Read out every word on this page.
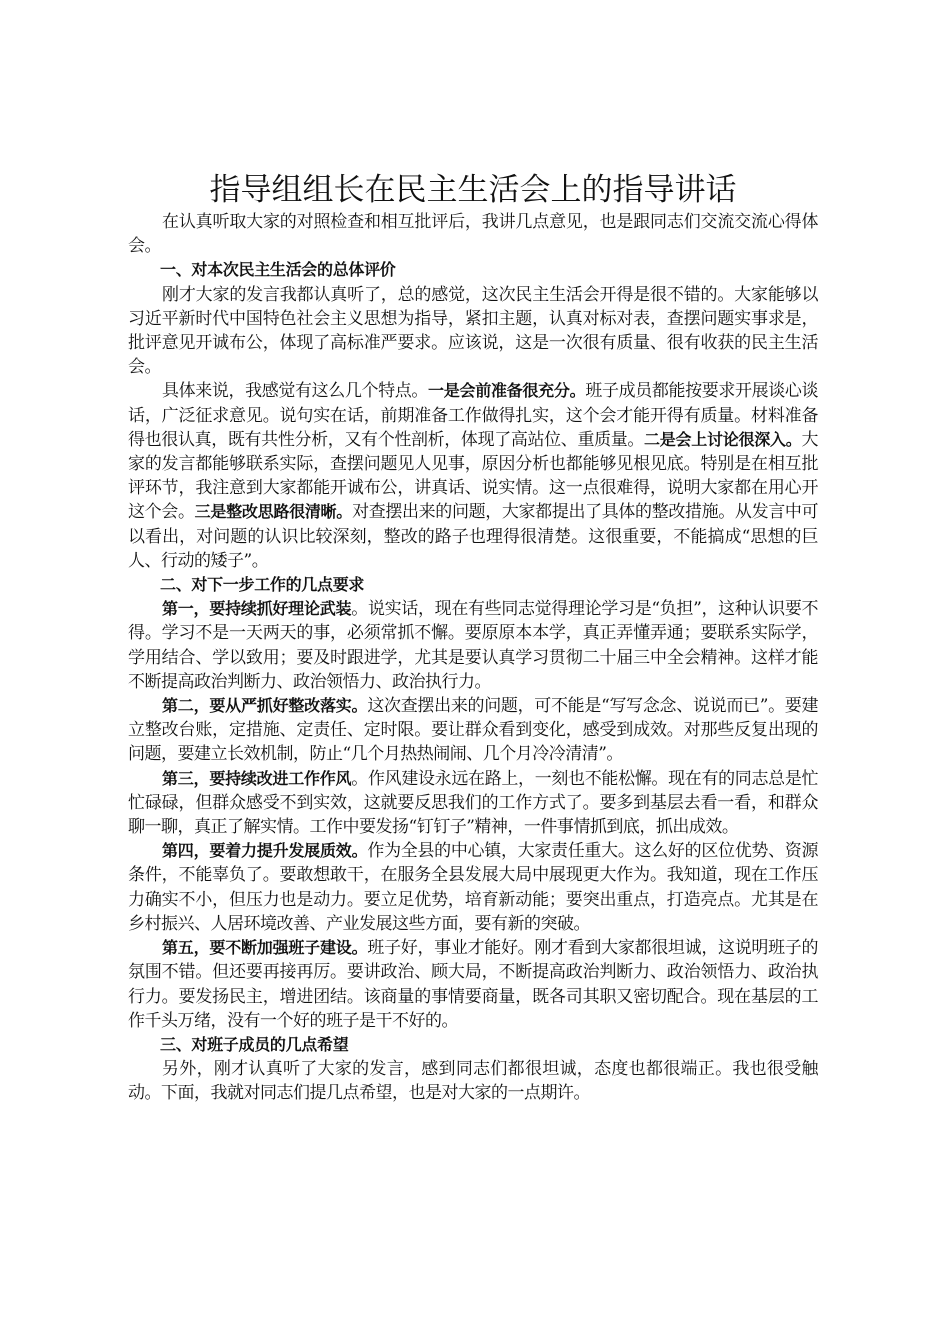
指导组组长在民主生活会上的指导讲话

在认真听取大家的对照检查和相互批评后，我讲几点意见，也是跟同志们交流交流心得体会。

一、对本次民主生活会的总体评价

刚才大家的发言我都认真听了，总的感觉，这次民主生活会开得是很不错的。大家能够以习近平新时代中国特色社会主义思想为指导，紧扣主题，认真对标对表，查摆问题实事求是，批评意见开诚布公，体现了高标准严要求。应该说，这是一次很有质量、很有收获的民主生活会。

具体来说，我感觉有这么几个特点。一是会前准备很充分。班子成员都能按要求开展谈心谈话，广泛征求意见。说句实在话，前期准备工作做得扎实，这个会才能开得有质量。材料准备得也很认真，既有共性分析，又有个性剖析，体现了高站位、重质量。二是会上讨论很深入。大家的发言都能够联系实际，查摆问题见人见事，原因分析也都能够见根见底。特别是在相互批评环节，我注意到大家都能开诚布公，讲真话、说实情。这一点很难得，说明大家都在用心开这个会。三是整改思路很清晰。对查摆出来的问题，大家都提出了具体的整改措施。从发言中可以看出，对问题的认识比较深刻，整改的路子也理得很清楚。这很重要，不能搞成“思想的巨人、行动的矮子”。

二、对下一步工作的几点要求

第一，要持续抓好理论武装。说实话，现在有些同志觉得理论学习是“负担”，这种认识要不得。学习不是一天两天的事，必须常抓不懈。要原原本本学，真正弄懂弄通；要联系实际学，学用结合、学以致用；要及时跟进学，尤其是要认真学习贯彻二十届三中全会精神。这样才能不断提高政治判断力、政治领悟力、政治执行力。

第二，要从严抓好整改落实。这次查摆出来的问题，可不能是“写写念念、说说而已”。要建立整改台账，定措施、定责任、定时限。要让群众看到变化，感受到成效。对那些反复出现的问题，要建立长效机制，防止“几个月热热闹闹、几个月冷冷清清”。

第三，要持续改进工作作风。作风建设永远在路上，一刻也不能松懈。现在有的同志总是忙忙碌碌，但群众感受不到实效，这就要反思我们的工作方式了。要多到基层去看一看，和群众聊一聊，真正了解实情。工作中要发扬“钉钉子”精神，一件事情抓到底，抓出成效。

第四，要着力提升发展质效。作为全县的中心镇，大家责任重大。这么好的区位优势、资源条件，不能辜负了。要敢想敢干，在服务全县发展大局中展现更大作为。我知道，现在工作压力确实不小，但压力也是动力。要立足优势，培育新动能；要突出重点，打造亮点。尤其是在乡村振兴、人居环境改善、产业发展这些方面，要有新的突破。

第五，要不断加强班子建设。班子好，事业才能好。刚才看到大家都很坦诚，这说明班子的氛围不错。但还要再接再厉。要讲政治、顾大局，不断提高政治判断力、政治领悟力、政治执行力。要发扬民主，增进团结。该商量的事情要商量，既各司其职又密切配合。现在基层的工作千头万绪，没有一个好的班子是干不好的。

三、对班子成员的几点希望

另外，刚才认真听了大家的发言，感到同志们都很坦诚，态度也都很端正。我也很受触动。下面，我就对同志们提几点希望，也是对大家的一点期许。
